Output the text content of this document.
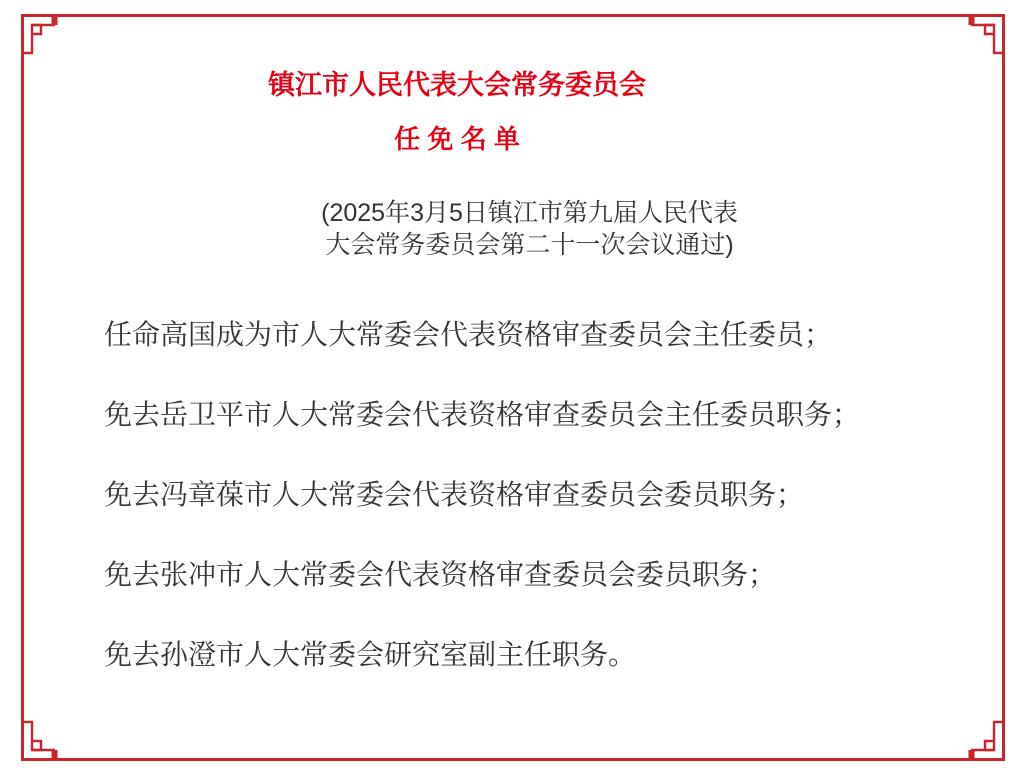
镇江市人民代表大会常务委员会
任 免 名 单
(2025年3月5日镇江市第九届人民代表
大会常务委员会第二十一次会议通过)

任命高国成为市人大常委会代表资格审查委员会主任委员；

免去岳卫平市人大常委会代表资格审查委员会主任委员职务；

免去冯章葆市人大常委会代表资格审查委员会委员职务；

免去张冲市人大常委会代表资格审查委员会委员职务；

免去孙澄市人大常委会研究室副主任职务。
